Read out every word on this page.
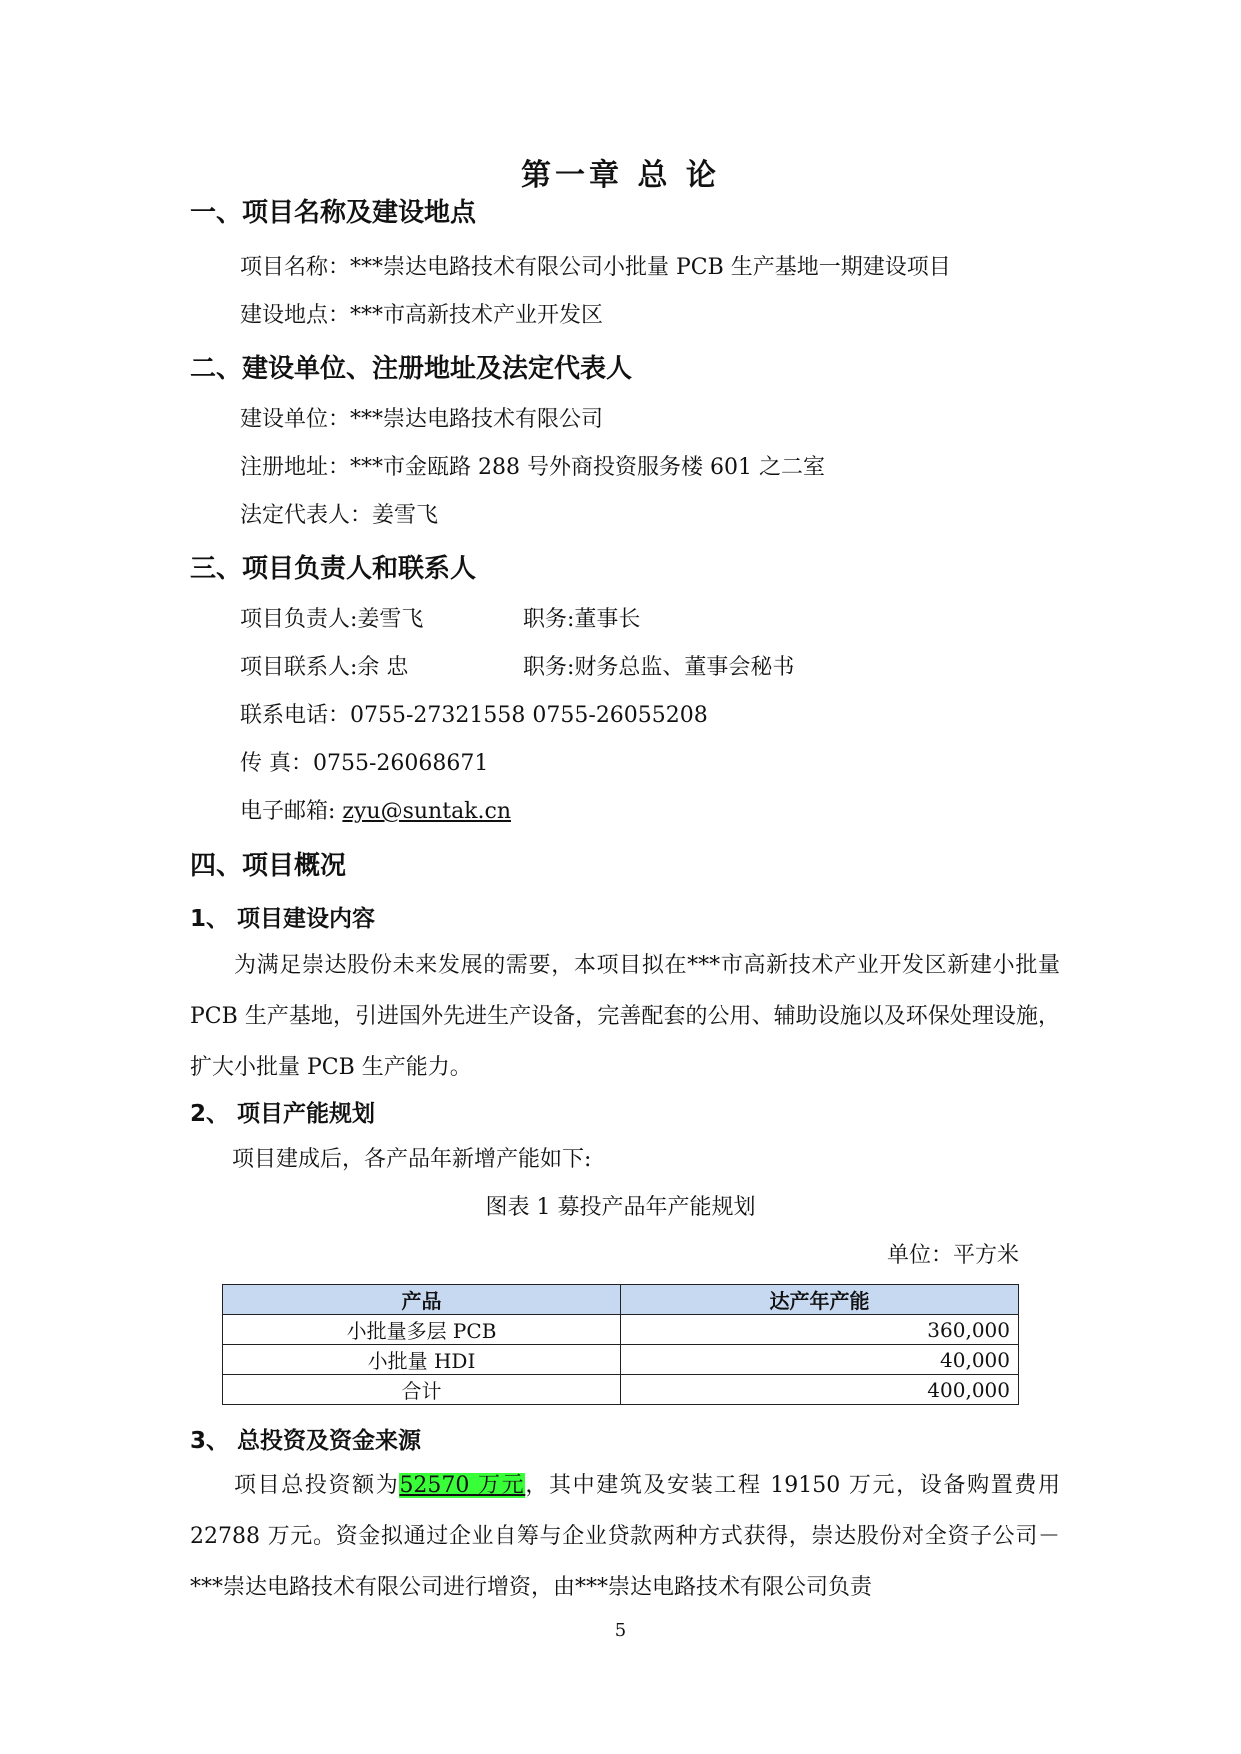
第一章 总 论
一、项目名称及建设地点
项目名称：***崇达电路技术有限公司小批量 PCB 生产基地一期建设项目
建设地点：***市高新技术产业开发区
二、建设单位、注册地址及法定代表人
建设单位：***崇达电路技术有限公司
注册地址：***市金瓯路 288 号外商投资服务楼 601 之二室
法定代表人：姜雪飞
三、项目负责人和联系人
项目负责人:姜雪飞	职务:董事长
项目联系人:余 忠	职务:财务总监、董事会秘书
联系电话：0755-27321558 0755-26055208
传 真：0755-26068671
电子邮箱: zyu@suntak.cn
四、项目概况
1、 项目建设内容
为满足崇达股份未来发展的需要，本项目拟在***市高新技术产业开发区新建小批量 PCB 生产基地，引进国外先进生产设备，完善配套的公用、辅助设施以及环保处理设施，扩大小批量 PCB 生产能力。
2、 项目产能规划
项目建成后，各产品年新增产能如下:
图表 1 募投产品年产能规划
单位：平方米
产品	达产年产能
小批量多层 PCB	360,000
小批量 HDI	40,000
合计	400,000
3、 总投资及资金来源
项目总投资额为52570 万元，其中建筑及安装工程 19150 万元，设备购置费用 22788 万元。资金拟通过企业自筹与企业贷款两种方式获得，崇达股份对全资子公司－***崇达电路技术有限公司进行增资，由***崇达电路技术有限公司负责
5
